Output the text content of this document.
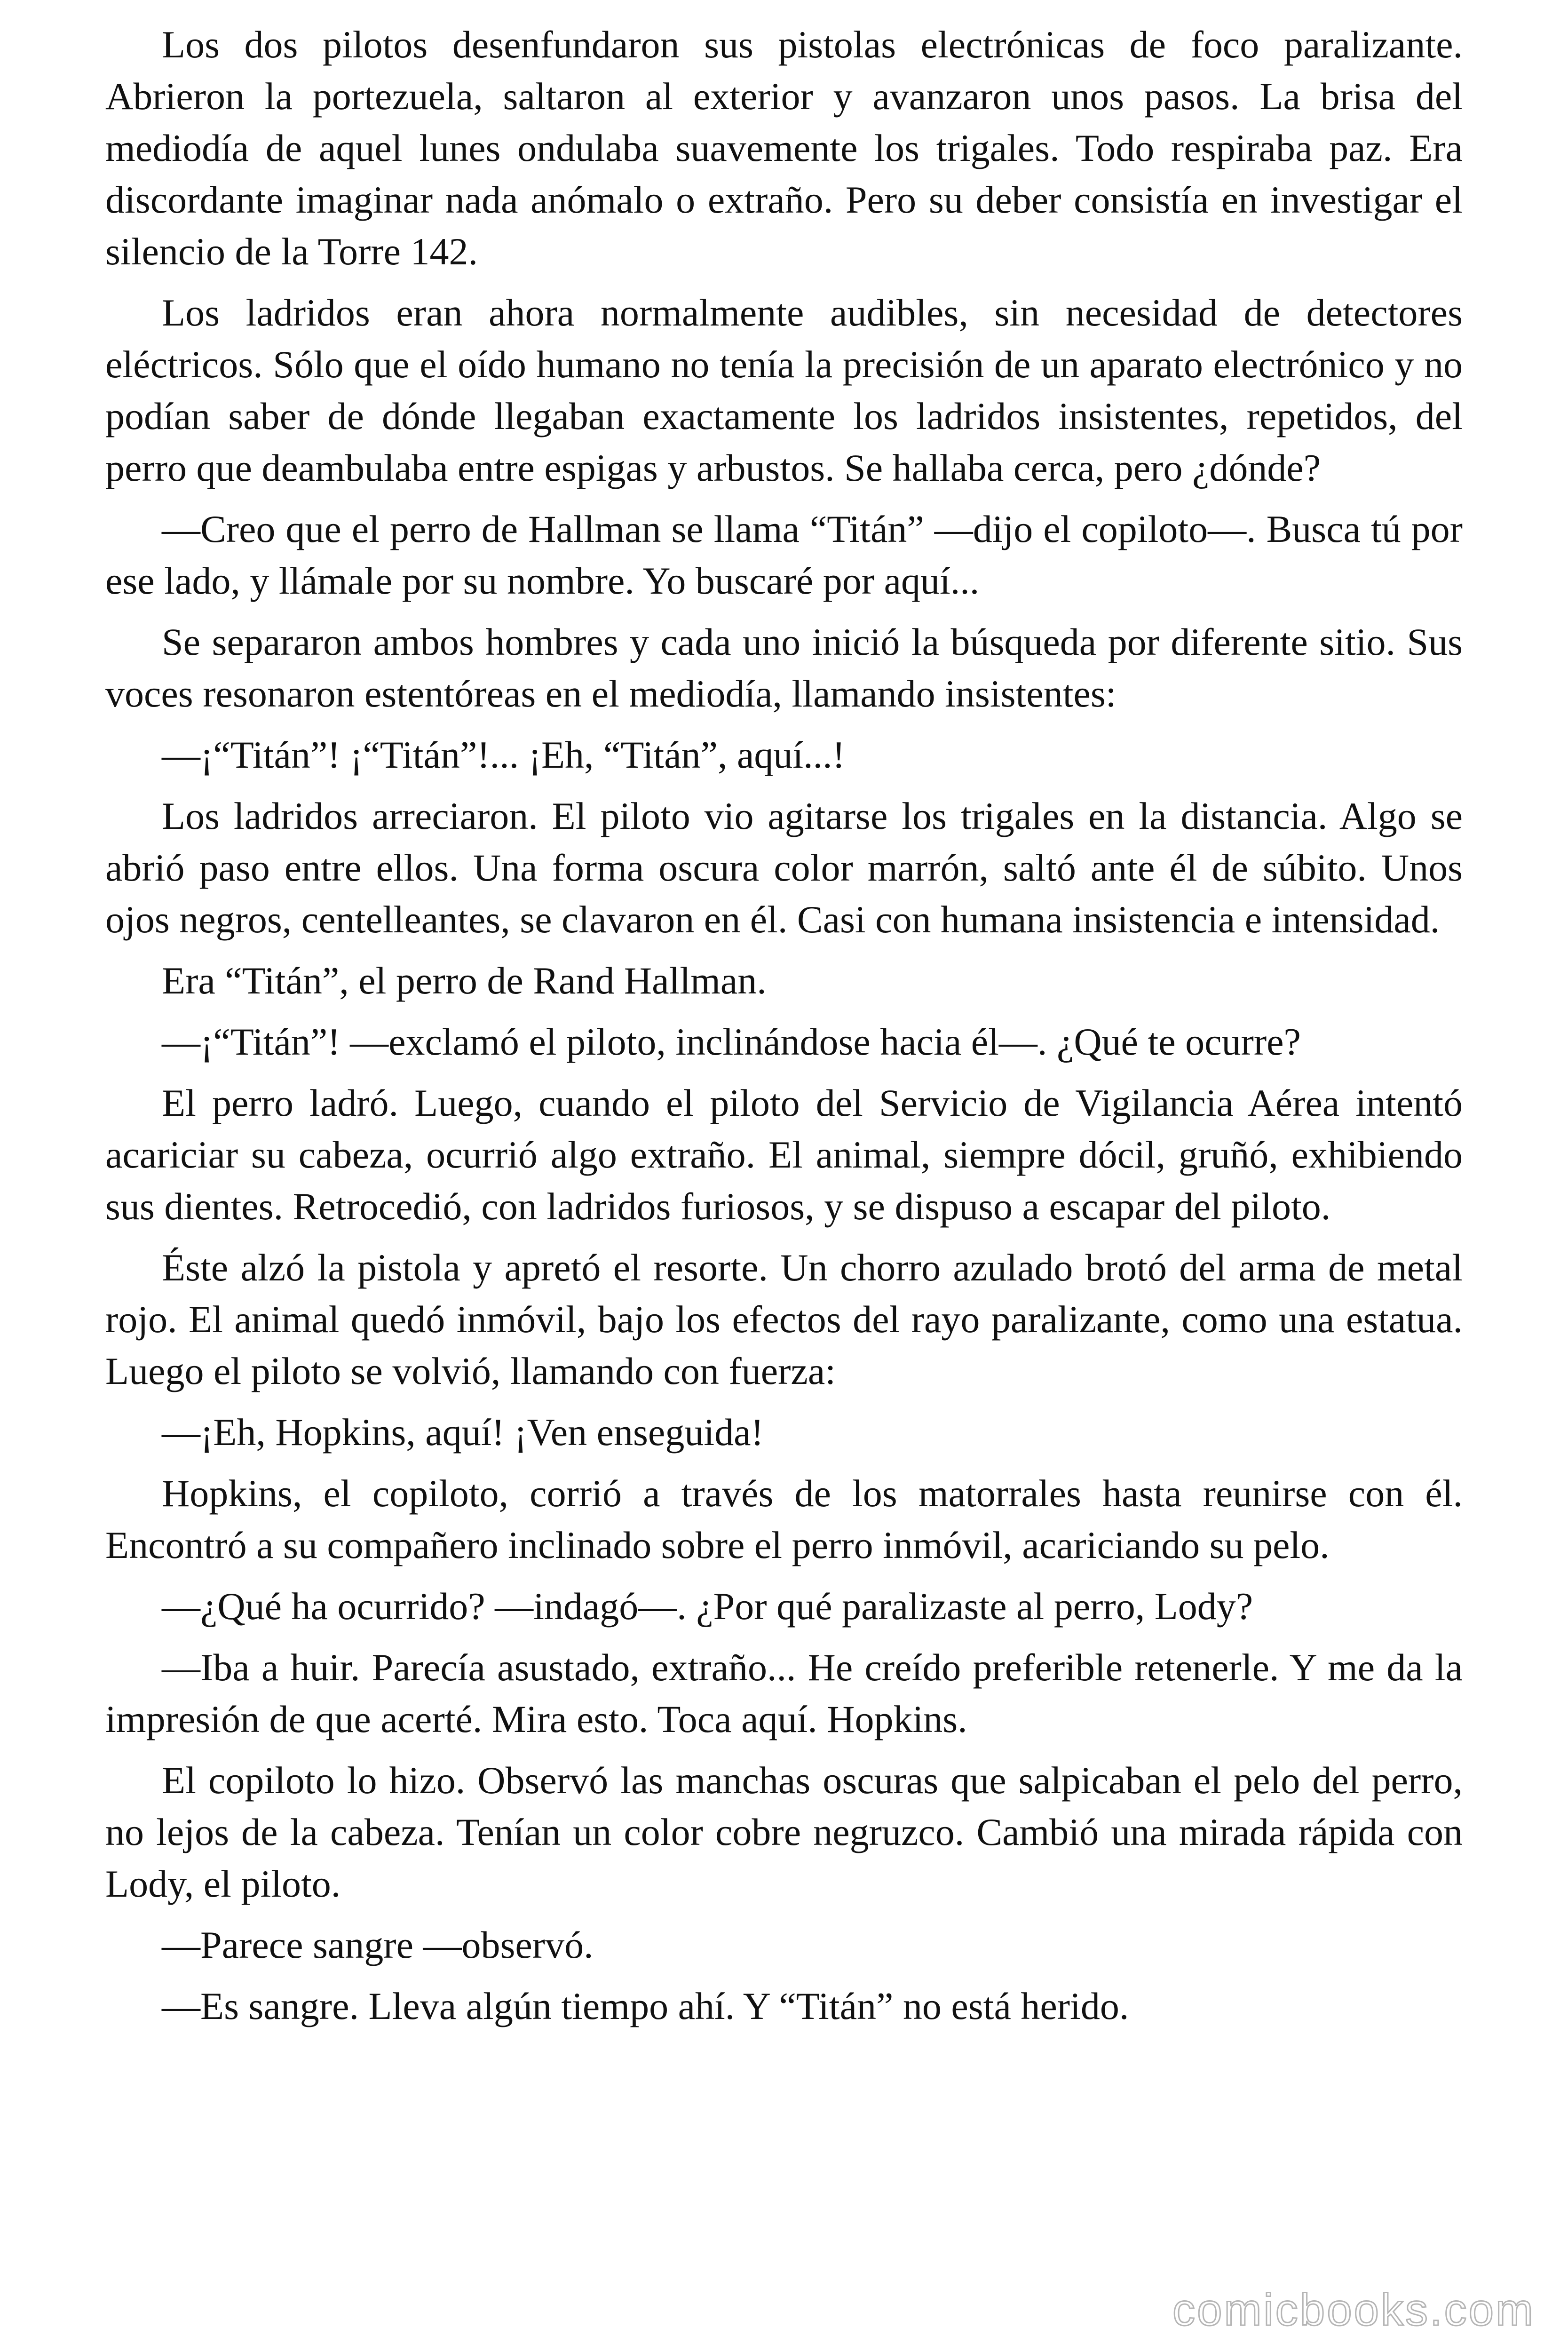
Los dos pilotos desenfundaron sus pistolas electrónicas de foco paralizante. Abrieron la portezuela, saltaron al exterior y avanzaron unos pasos. La brisa del mediodía de aquel lunes ondulaba suavemente los trigales. Todo respiraba paz. Era discordante imaginar nada anómalo o extraño. Pero su deber consistía en investigar el silencio de la Torre 142.

Los ladridos eran ahora normalmente audibles, sin necesidad de detectores eléctricos. Sólo que el oído humano no tenía la precisión de un aparato electrónico y no podían saber de dónde llegaban exactamente los ladridos insistentes, repetidos, del perro que deambulaba entre espigas y arbustos. Se hallaba cerca, pero ¿dónde?

—Creo que el perro de Hallman se llama “Titán” —dijo el copiloto—. Busca tú por ese lado, y llámale por su nombre. Yo buscaré por aquí...

Se separaron ambos hombres y cada uno inició la búsqueda por diferente sitio. Sus voces resonaron estentóreas en el mediodía, llamando insistentes:

—¡“Titán”! ¡“Titán”!... ¡Eh, “Titán”, aquí...!

Los ladridos arreciaron. El piloto vio agitarse los trigales en la distancia. Algo se abrió paso entre ellos. Una forma oscura color marrón, saltó ante él de súbito. Unos ojos negros, centelleantes, se clavaron en él. Casi con humana insistencia e intensidad.

Era “Titán”, el perro de Rand Hallman.

—¡“Titán”! —exclamó el piloto, inclinándose hacia él—. ¿Qué te ocurre?

El perro ladró. Luego, cuando el piloto del Servicio de Vigilancia Aérea intentó acariciar su cabeza, ocurrió algo extraño. El animal, siempre dócil, gruñó, exhibiendo sus dientes. Retrocedió, con ladridos furiosos, y se dispuso a escapar del piloto.

Éste alzó la pistola y apretó el resorte. Un chorro azulado brotó del arma de metal rojo. El animal quedó inmóvil, bajo los efectos del rayo paralizante, como una estatua. Luego el piloto se volvió, llamando con fuerza:

—¡Eh, Hopkins, aquí! ¡Ven enseguida!

Hopkins, el copiloto, corrió a través de los matorrales hasta reunirse con él. Encontró a su compañero inclinado sobre el perro inmóvil, acariciando su pelo.

—¿Qué ha ocurrido? —indagó—. ¿Por qué paralizaste al perro, Lody?

—Iba a huir. Parecía asustado, extraño... He creído preferible retenerle. Y me da la impresión de que acerté. Mira esto. Toca aquí. Hopkins.

El copiloto lo hizo. Observó las manchas oscuras que salpicaban el pelo del perro, no lejos de la cabeza. Tenían un color cobre negruzco. Cambió una mirada rápida con Lody, el piloto.

—Parece sangre —observó.

—Es sangre. Lleva algún tiempo ahí. Y “Titán” no está herido.

comicbooks.com
